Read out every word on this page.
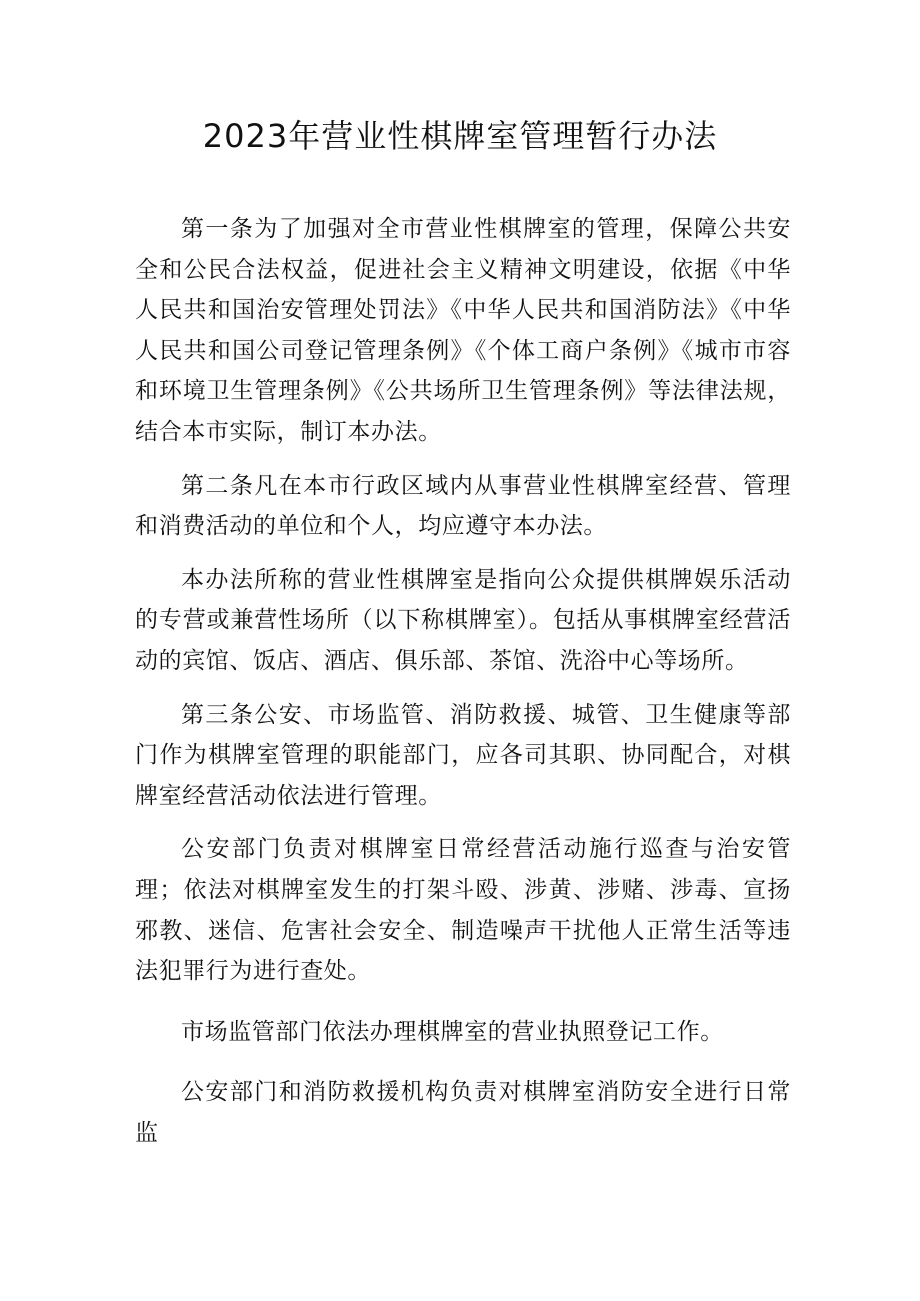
2023年营业性棋牌室管理暂行办法

第一条为了加强对全市营业性棋牌室的管理，保障公共安全和公民合法权益，促进社会主义精神文明建设，依据《中华人民共和国治安管理处罚法》《中华人民共和国消防法》《中华人民共和国公司登记管理条例》《个体工商户条例》《城市市容和环境卫生管理条例》《公共场所卫生管理条例》等法律法规，结合本市实际，制订本办法。

第二条凡在本市行政区域内从事营业性棋牌室经营、管理和消费活动的单位和个人，均应遵守本办法。

本办法所称的营业性棋牌室是指向公众提供棋牌娱乐活动的专营或兼营性场所（以下称棋牌室）。包括从事棋牌室经营活动的宾馆、饭店、酒店、俱乐部、茶馆、洗浴中心等场所。

第三条公安、市场监管、消防救援、城管、卫生健康等部门作为棋牌室管理的职能部门，应各司其职、协同配合，对棋牌室经营活动依法进行管理。

公安部门负责对棋牌室日常经营活动施行巡查与治安管理；依法对棋牌室发生的打架斗殴、涉黄、涉赌、涉毒、宣扬邪教、迷信、危害社会安全、制造噪声干扰他人正常生活等违法犯罪行为进行查处。

市场监管部门依法办理棋牌室的营业执照登记工作。

公安部门和消防救援机构负责对棋牌室消防安全进行日常监
